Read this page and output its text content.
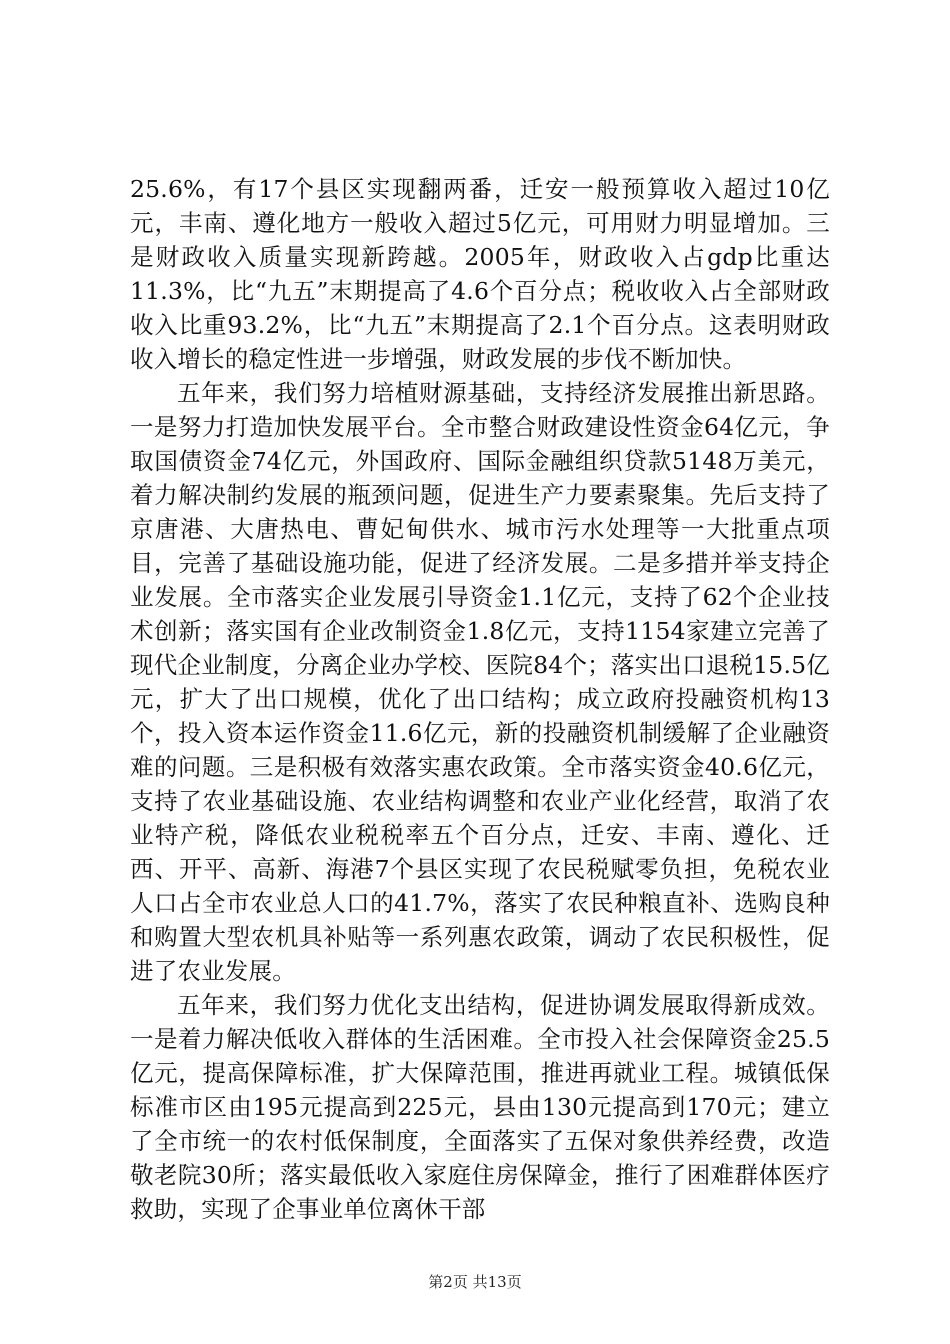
25.6%，有17个县区实现翻两番，迁安一般预算收入超过10亿元，丰南、遵化地方一般收入超过5亿元，可用财力明显增加。三是财政收入质量实现新跨越。2005年，财政收入占gdp比重达11.3%，比“九五”末期提高了4.6个百分点；税收收入占全部财政收入比重93.2%，比“九五”末期提高了2.1个百分点。这表明财政收入增长的稳定性进一步增强，财政发展的步伐不断加快。

五年来，我们努力培植财源基础，支持经济发展推出新思路。一是努力打造加快发展平台。全市整合财政建设性资金64亿元，争取国债资金74亿元，外国政府、国际金融组织贷款5148万美元，着力解决制约发展的瓶颈问题，促进生产力要素聚集。先后支持了京唐港、大唐热电、曹妃甸供水、城市污水处理等一大批重点项目，完善了基础设施功能，促进了经济发展。二是多措并举支持企业发展。全市落实企业发展引导资金1.1亿元，支持了62个企业技术创新；落实国有企业改制资金1.8亿元，支持1154家建立完善了现代企业制度，分离企业办学校、医院84个；落实出口退税15.5亿元，扩大了出口规模，优化了出口结构；成立政府投融资机构13个，投入资本运作资金11.6亿元，新的投融资机制缓解了企业融资难的问题。三是积极有效落实惠农政策。全市落实资金40.6亿元，支持了农业基础设施、农业结构调整和农业产业化经营，取消了农业特产税，降低农业税税率五个百分点，迁安、丰南、遵化、迁西、开平、高新、海港7个县区实现了农民税赋零负担，免税农业人口占全市农业总人口的41.7%，落实了农民种粮直补、选购良种和购置大型农机具补贴等一系列惠农政策，调动了农民积极性，促进了农业发展。

五年来，我们努力优化支出结构，促进协调发展取得新成效。一是着力解决低收入群体的生活困难。全市投入社会保障资金25.5亿元，提高保障标准，扩大保障范围，推进再就业工程。城镇低保标准市区由195元提高到225元，县由130元提高到170元；建立了全市统一的农村低保制度，全面落实了五保对象供养经费，改造敬老院30所；落实最低收入家庭住房保障金，推行了困难群体医疗救助，实现了企事业单位离休干部

第2页 共13页
